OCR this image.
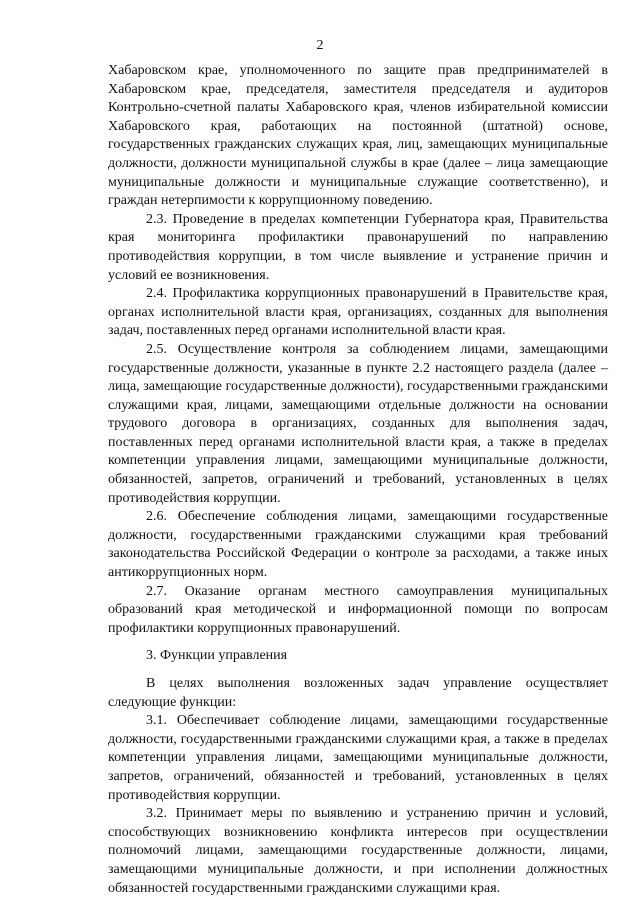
2

Хабаровском крае, уполномоченного по защите прав предпринимателей в Хабаровском крае, председателя, заместителя председателя и аудиторов Контрольно-счетной палаты Хабаровского края, членов избирательной комиссии Хабаровского края, работающих на постоянной (штатной) основе, государственных гражданских служащих края, лиц, замещающих муниципальные должности, должности муниципальной службы в крае (далее – лица замещающие муниципальные должности и муниципальные служащие соответственно), и граждан нетерпимости к коррупционному поведению.

2.3. Проведение в пределах компетенции Губернатора края, Правительства края мониторинга профилактики правонарушений по направлению противодействия коррупции, в том числе выявление и устранение причин и условий ее возникновения.

2.4. Профилактика коррупционных правонарушений в Правительстве края, органах исполнительной власти края, организациях, созданных для выполнения задач, поставленных перед органами исполнительной власти края.

2.5. Осуществление контроля за соблюдением лицами, замещающими государственные должности, указанные в пункте 2.2 настоящего раздела (далее – лица, замещающие государственные должности), государственными гражданскими служащими края, лицами, замещающими отдельные должности на основании трудового договора в организациях, созданных для выполнения задач, поставленных перед органами исполнительной власти края, а также в пределах компетенции управления лицами, замещающими муниципальные должности, обязанностей, запретов, ограничений и требований, установленных в целях противодействия коррупции.

2.6. Обеспечение соблюдения лицами, замещающими государственные должности, государственными гражданскими служащими края требований законодательства Российской Федерации о контроле за расходами, а также иных антикоррупционных норм.

2.7. Оказание органам местного самоуправления муниципальных образований края методической и информационной помощи по вопросам профилактики коррупционных правонарушений.

3. Функции управления

В целях выполнения возложенных задач управление осуществляет следующие функции:

3.1. Обеспечивает соблюдение лицами, замещающими государственные должности, государственными гражданскими служащими края, а также в пределах компетенции управления лицами, замещающими муниципальные должности, запретов, ограничений, обязанностей и требований, установленных в целях противодействия коррупции.

3.2. Принимает меры по выявлению и устранению причин и условий, способствующих возникновению конфликта интересов при осуществлении полномочий лицами, замещающими государственные должности, лицами, замещающими муниципальные должности, и при исполнении должностных обязанностей государственными гражданскими служащими края.
